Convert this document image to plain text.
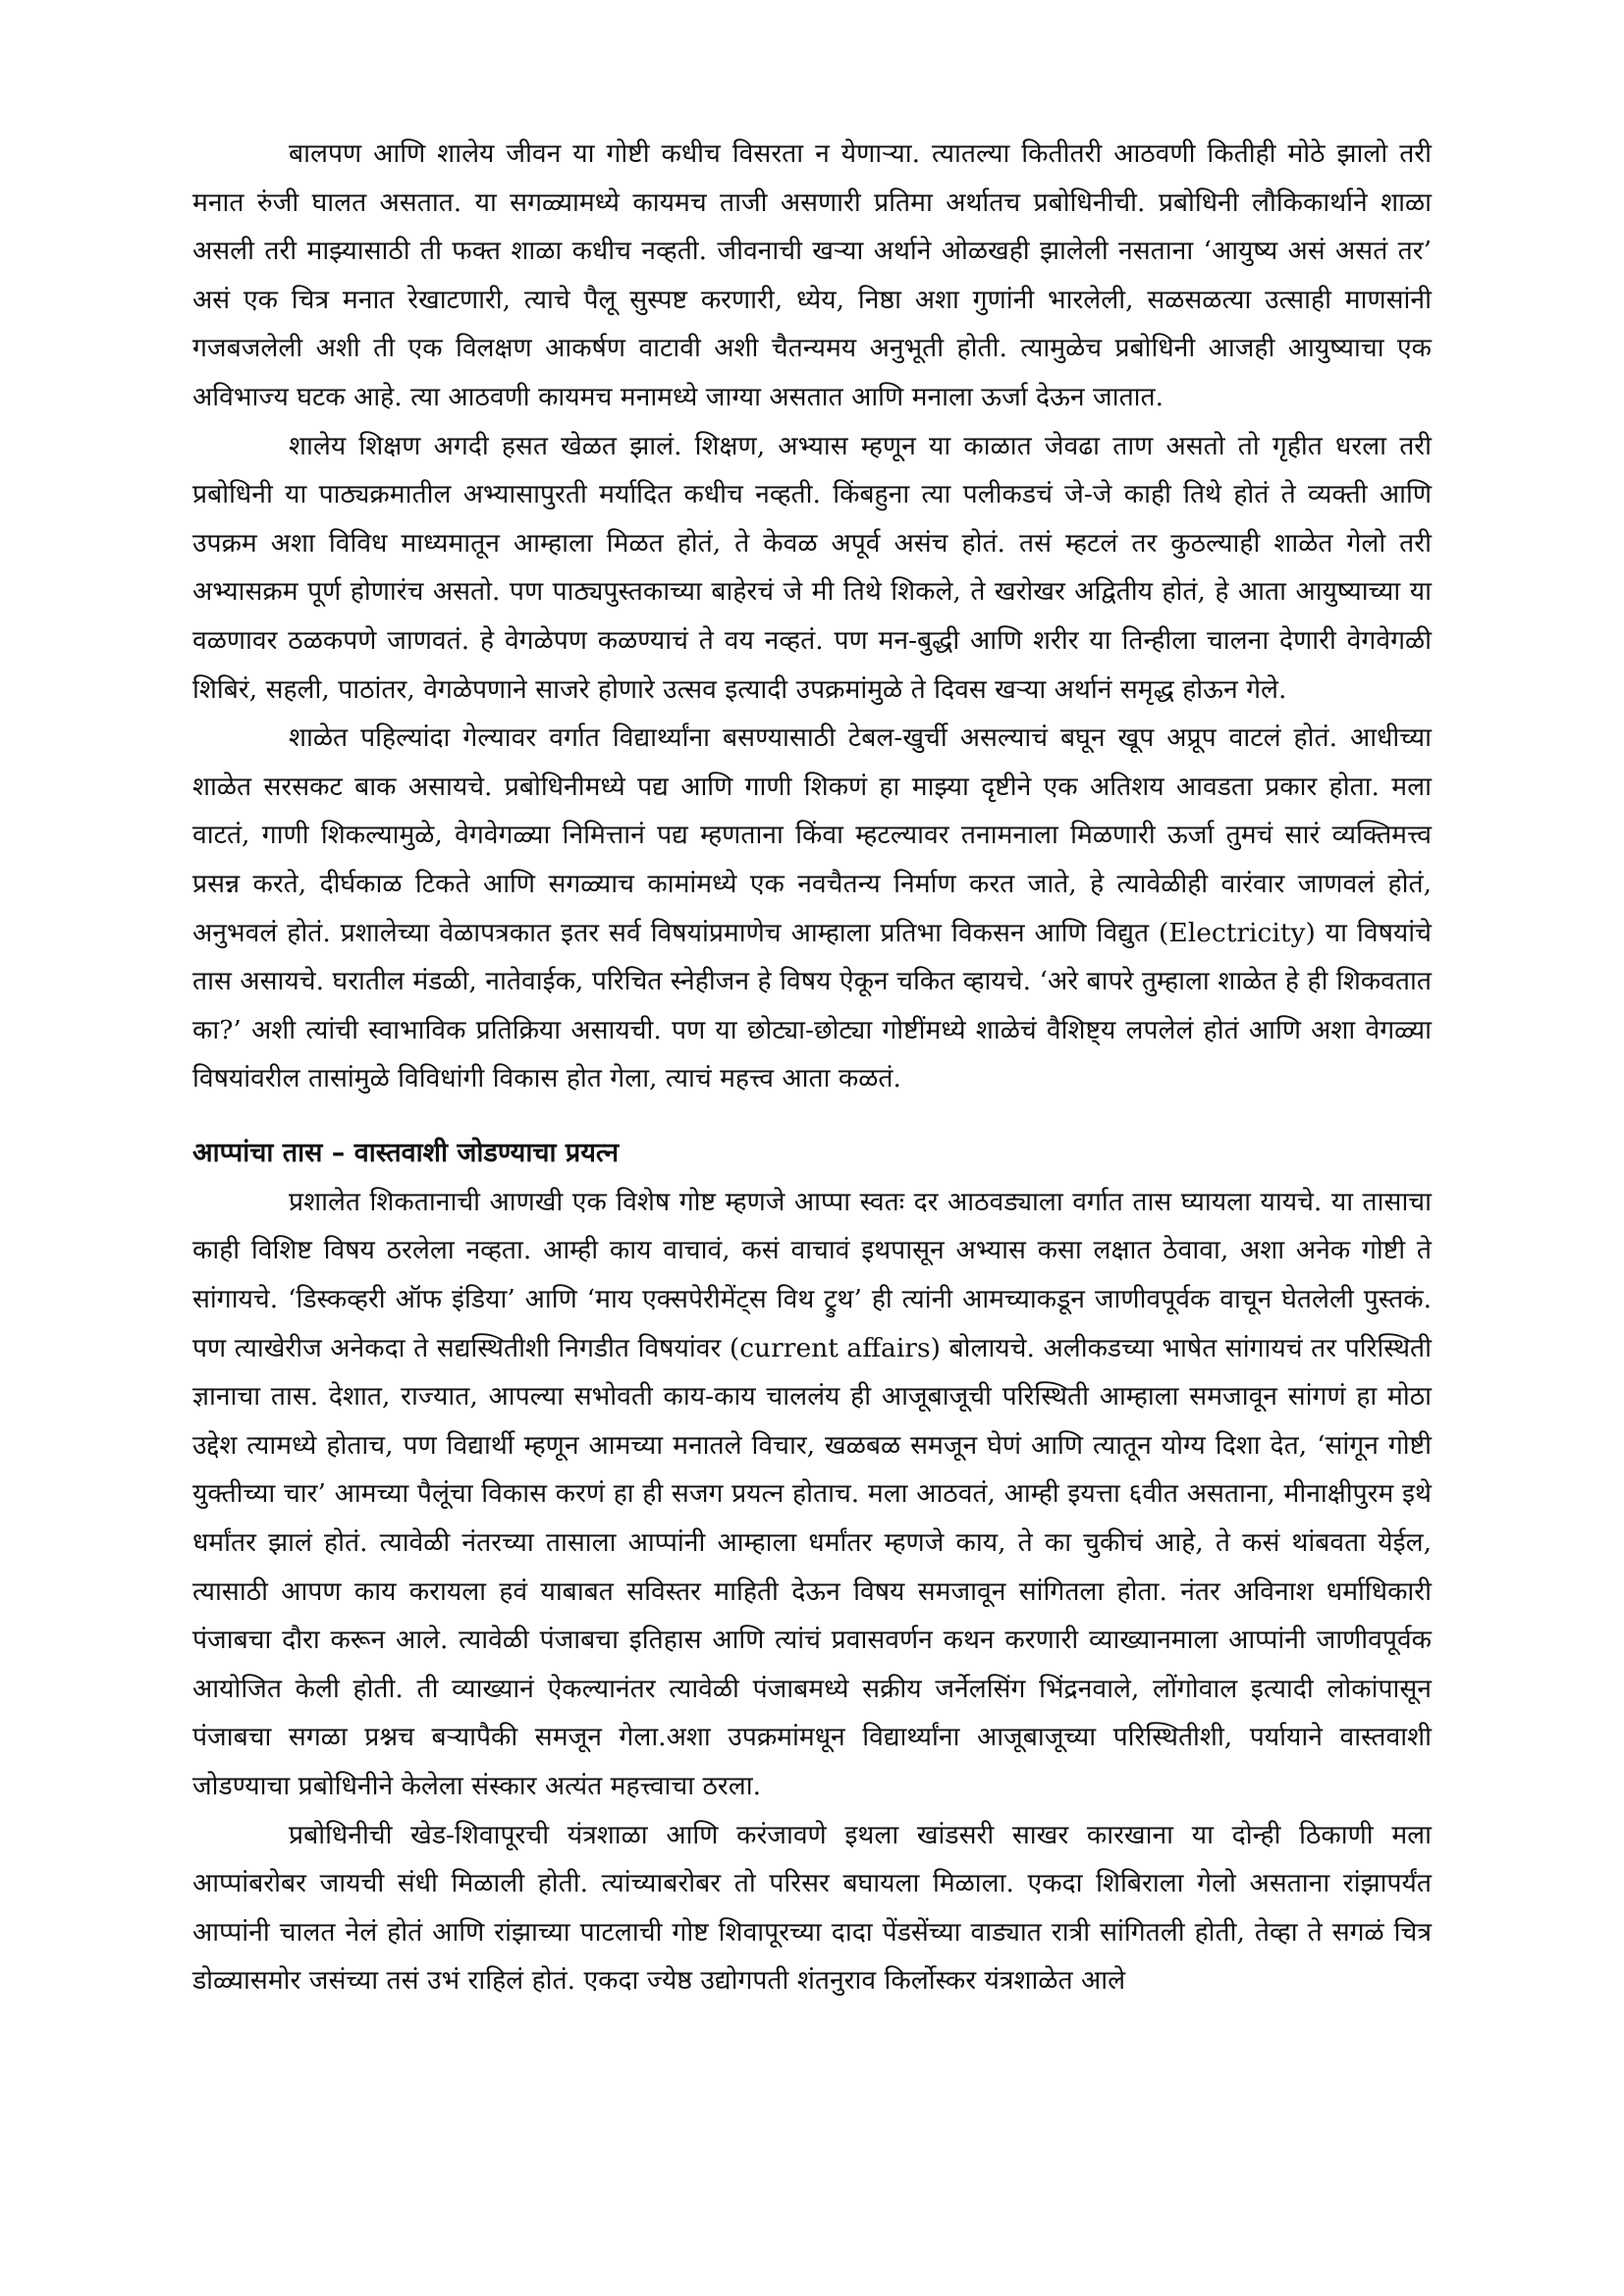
बालपण आणि शालेय जीवन या गोष्टी कधीच विसरता न येणाऱ्या. त्यातल्या कितीतरी आठवणी कितीही मोठे झालो तरी मनात रुंजी घालत असतात. या सगळ्यामध्ये कायमच ताजी असणारी प्रतिमा अर्थातच प्रबोधिनीची. प्रबोधिनी लौकिकार्थाने शाळा असली तरी माझ्यासाठी ती फक्त शाळा कधीच नव्हती. जीवनाची खऱ्या अर्थाने ओळखही झालेली नसताना ‘आयुष्य असं असतं तर’ असं एक चित्र मनात रेखाटणारी, त्याचे पैलू सुस्पष्ट करणारी, ध्येय, निष्ठा अशा गुणांनी भारलेली, सळसळत्या उत्साही माणसांनी गजबजलेली अशी ती एक विलक्षण आकर्षण वाटावी अशी चैतन्यमय अनुभूती होती. त्यामुळेच प्रबोधिनी आजही आयुष्याचा एक अविभाज्य घटक आहे. त्या आठवणी कायमच मनामध्ये जाग्या असतात आणि मनाला ऊर्जा देऊन जातात.

शालेय शिक्षण अगदी हसत खेळत झालं. शिक्षण, अभ्यास म्हणून या काळात जेवढा ताण असतो तो गृहीत धरला तरी प्रबोधिनी या पाठ्यक्रमातील अभ्यासापुरती मर्यादित कधीच नव्हती. किंबहुना त्या पलीकडचं जे-जे काही तिथे होतं ते व्यक्ती आणि उपक्रम अशा विविध माध्यमातून आम्हाला मिळत होतं, ते केवळ अपूर्व असंच होतं. तसं म्हटलं तर कुठल्याही शाळेत गेलो तरी अभ्यासक्रम पूर्ण होणारंच असतो. पण पाठ्यपुस्तकाच्या बाहेरचं जे मी तिथे शिकले, ते खरोखर अद्वितीय होतं, हे आता आयुष्याच्या या वळणावर ठळकपणे जाणवतं. हे वेगळेपण कळण्याचं ते वय नव्हतं. पण मन-बुद्धी आणि शरीर या तिन्हीला चालना देणारी वेगवेगळी शिबिरं, सहली, पाठांतर, वेगळेपणाने साजरे होणारे उत्सव इत्यादी उपक्रमांमुळे ते दिवस खऱ्या अर्थानं समृद्ध होऊन गेले.

शाळेत पहिल्यांदा गेल्यावर वर्गात विद्यार्थ्यांना बसण्यासाठी टेबल-खुर्ची असल्याचं बघून खूप अप्रूप वाटलं होतं. आधीच्या शाळेत सरसकट बाक असायचे. प्रबोधिनीमध्ये पद्य आणि गाणी शिकणं हा माझ्या दृष्टीने एक अतिशय आवडता प्रकार होता. मला वाटतं, गाणी शिकल्यामुळे, वेगवेगळ्या निमित्तानं पद्य म्हणताना किंवा म्हटल्यावर तनामनाला मिळणारी ऊर्जा तुमचं सारं व्यक्तिमत्त्व प्रसन्न करते, दीर्घकाळ टिकते आणि सगळ्याच कामांमध्ये एक नवचैतन्य निर्माण करत जाते, हे त्यावेळीही वारंवार जाणवलं होतं, अनुभवलं होतं. प्रशालेच्या वेळापत्रकात इतर सर्व विषयांप्रमाणेच आम्हाला प्रतिभा विकसन आणि विद्युत (Electricity) या विषयांचे तास असायचे. घरातील मंडळी, नातेवाईक, परिचित स्नेहीजन हे विषय ऐकून चकित व्हायचे. ‘अरे बापरे तुम्हाला शाळेत हे ही शिकवतात का?’ अशी त्यांची स्वाभाविक प्रतिक्रिया असायची. पण या छोट्या-छोट्या गोष्टींमध्ये शाळेचं वैशिष्ट्य लपलेलं होतं आणि अशा वेगळ्या विषयांवरील तासांमुळे विविधांगी विकास होत गेला, त्याचं महत्त्व आता कळतं.

आप्पांचा तास – वास्तवाशी जोडण्याचा प्रयत्न

प्रशालेत शिकतानाची आणखी एक विशेष गोष्ट म्हणजे आप्पा स्वतः दर आठवड्याला वर्गात तास घ्यायला यायचे. या तासाचा काही विशिष्ट विषय ठरलेला नव्हता. आम्ही काय वाचावं, कसं वाचावं इथपासून अभ्यास कसा लक्षात ठेवावा, अशा अनेक गोष्टी ते सांगायचे. ‘डिस्कव्हरी ऑफ इंडिया’ आणि ‘माय एक्सपेरीमेंट्स विथ ट्रुथ’ ही त्यांनी आमच्याकडून जाणीवपूर्वक वाचून घेतलेली पुस्तकं. पण त्याखेरीज अनेकदा ते सद्यस्थितीशी निगडीत विषयांवर (current affairs) बोलायचे. अलीकडच्या भाषेत सांगायचं तर परिस्थिती ज्ञानाचा तास. देशात, राज्यात, आपल्या सभोवती काय-काय चाललंय ही आजूबाजूची परिस्थिती आम्हाला समजावून सांगणं हा मोठा उद्देश त्यामध्ये होताच, पण विद्यार्थी म्हणून आमच्या मनातले विचार, खळबळ समजून घेणं आणि त्यातून योग्य दिशा देत, ‘सांगून गोष्टी युक्तीच्या चार’ आमच्या पैलूंचा विकास करणं हा ही सजग प्रयत्न होताच. मला आठवतं, आम्ही इयत्ता ६वीत असताना, मीनाक्षीपुरम इथे धर्मांतर झालं होतं. त्यावेळी नंतरच्या तासाला आप्पांनी आम्हाला धर्मांतर म्हणजे काय, ते का चुकीचं आहे, ते कसं थांबवता येईल, त्यासाठी आपण काय करायला हवं याबाबत सविस्तर माहिती देऊन विषय समजावून सांगितला होता. नंतर अविनाश धर्माधिकारी पंजाबचा दौरा करून आले. त्यावेळी पंजाबचा इतिहास आणि त्यांचं प्रवासवर्णन कथन करणारी व्याख्यानमाला आप्पांनी जाणीवपूर्वक आयोजित केली होती. ती व्याख्यानं ऐकल्यानंतर त्यावेळी पंजाबमध्ये सक्रीय जर्नेलसिंग भिंद्रनवाले, लोंगोवाल इत्यादी लोकांपासून पंजाबचा सगळा प्रश्नच बऱ्यापैकी समजून गेला.अशा उपक्रमांमधून विद्यार्थ्यांना आजूबाजूच्या परिस्थितीशी, पर्यायाने वास्तवाशी जोडण्याचा प्रबोधिनीने केलेला संस्कार अत्यंत महत्त्वाचा ठरला.

प्रबोधिनीची खेड-शिवापूरची यंत्रशाळा आणि करंजावणे इथला खांडसरी साखर कारखाना या दोन्ही ठिकाणी मला आप्पांबरोबर जायची संधी मिळाली होती. त्यांच्याबरोबर तो परिसर बघायला मिळाला. एकदा शिबिराला गेलो असताना रांझापर्यंत आप्पांनी चालत नेलं होतं आणि रांझाच्या पाटलाची गोष्ट शिवापूरच्या दादा पेंडसेंच्या वाड्यात रात्री सांगितली होती, तेव्हा ते सगळं चित्र डोळ्यासमोर जसंच्या तसं उभं राहिलं होतं. एकदा ज्येष्ठ उद्योगपती शंतनुराव किर्लोस्कर यंत्रशाळेत आले
